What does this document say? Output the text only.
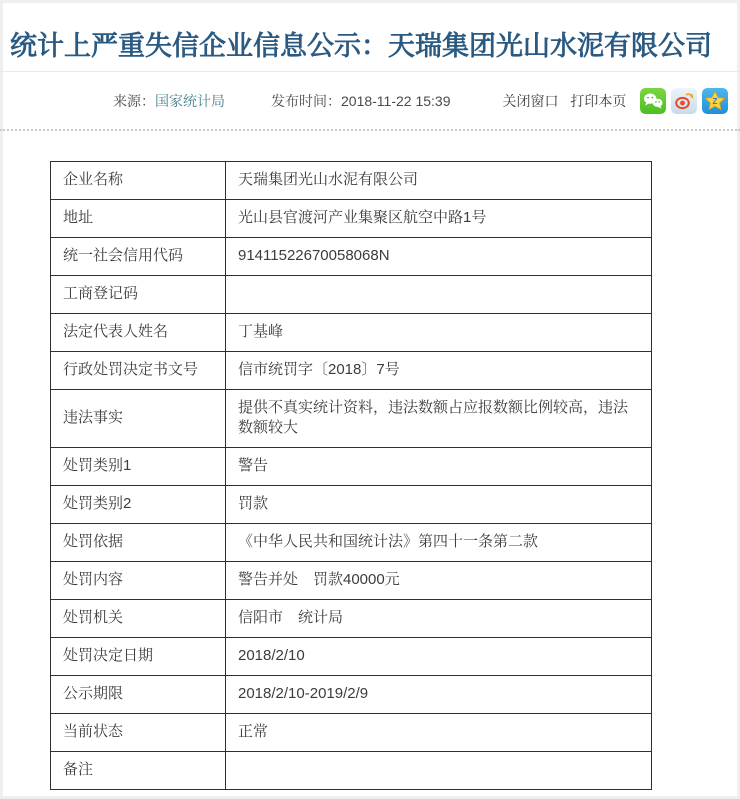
统计上严重失信企业信息公示：天瑞集团光山水泥有限公司
来源：国家统计局	发布时间：2018-11-22 15:39	关闭窗口 打印本页	Z
企业名称	天瑞集团光山水泥有限公司
地址	光山县官渡河产业集聚区航空中路1号
统一社会信用代码	91411522670058068N
工商登记码	
法定代表人姓名	丁基峰
行政处罚决定书文号	信市统罚字〔2018〕7号
违法事实	提供不真实统计资料，违法数额占应报数额比例较高，违法数额较大
处罚类别1	警告
处罚类别2	罚款
处罚依据	《中华人民共和国统计法》第四十一条第二款
处罚内容	警告并处　罚款40000元
处罚机关	信阳市　统计局
处罚决定日期	2018/2/10
公示期限	2018/2/10-2019/2/9
当前状态	正常
备注	
